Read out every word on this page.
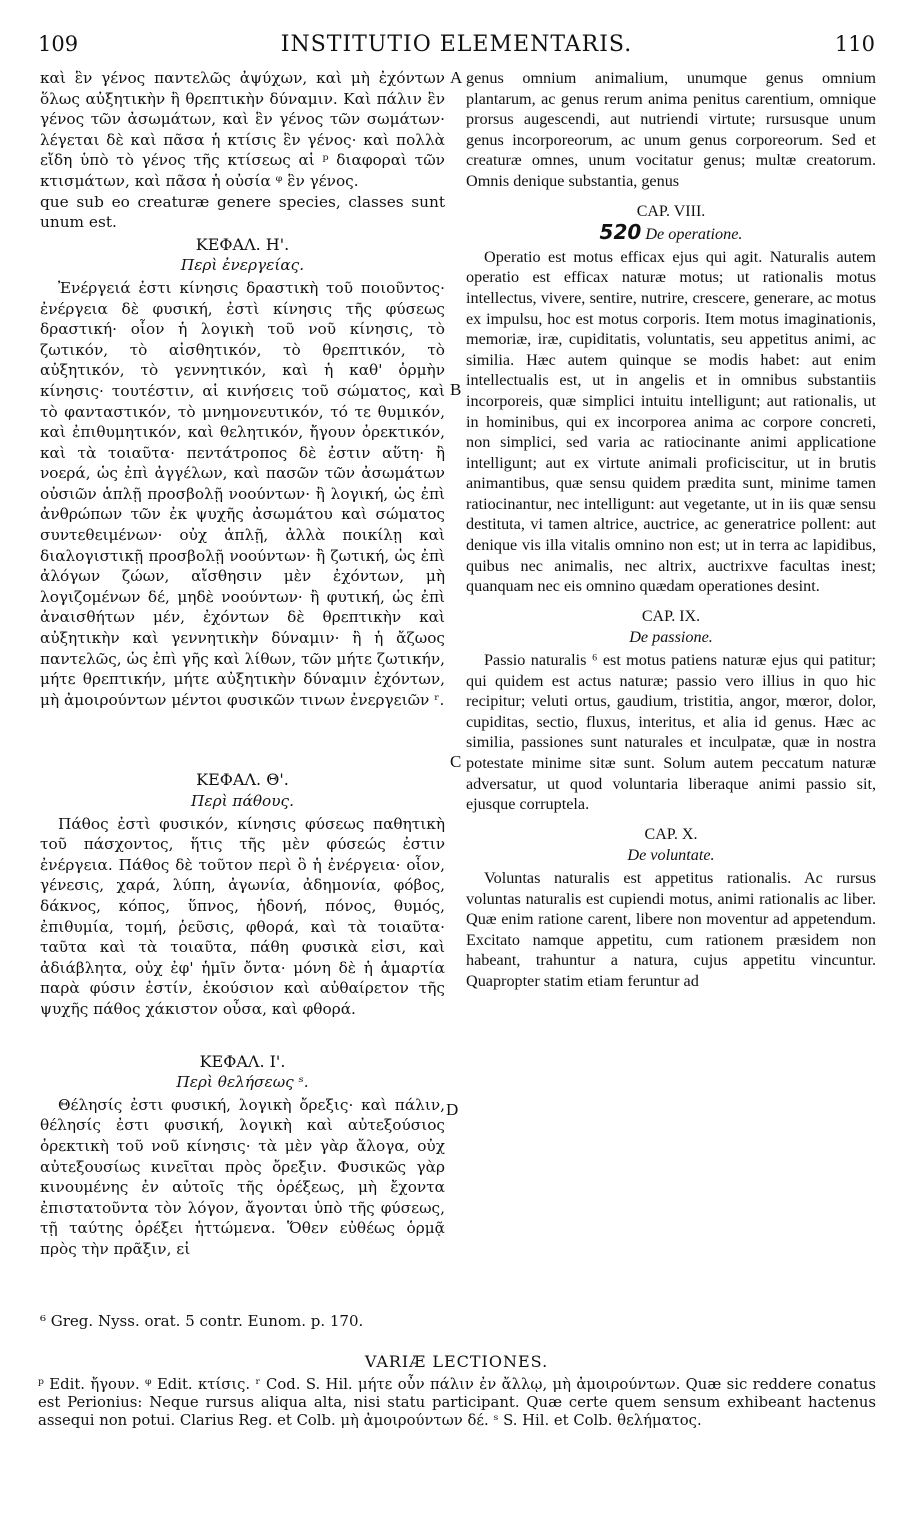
109	INSTITUTIO ELEMENTARIS.	110
A
B
C
D

καὶ ἓν γένος παντελῶς ἀψύχων, καὶ μὴ ἐχόντων ὅλως αὐξητικὴν ἢ θρεπτικὴν δύναμιν. Καὶ πάλιν ἓν γένος τῶν ἀσωμάτων, καὶ ἓν γένος τῶν σωμάτων· λέγεται δὲ καὶ πᾶσα ἡ κτίσις ἓν γένος· καὶ πολλὰ εἴδη ὑπὸ τὸ γένος τῆς κτίσεως αἱ ᵖ διαφοραὶ τῶν κτισμάτων, καὶ πᾶσα ἡ οὐσία ᵠ ἓν γένος.

que sub eo creaturæ genere species, classes sunt unum est.

ΚΕΦΑΛ. Η'.
Περὶ ἐνεργείας.

Ἐνέργειά ἐστι κίνησις δραστικὴ τοῦ ποιοῦντος· ἐνέργεια δὲ φυσική, ἐστὶ κίνησις τῆς φύσεως δραστική· οἷον ἡ λογικὴ τοῦ νοῦ κίνησις, τὸ ζωτικόν, τὸ αἰσθητικόν, τὸ θρεπτικόν, τὸ αὐξητικόν, τὸ γεννητικόν, καὶ ἡ καθ' ὁρμὴν κίνησις· τουτέστιν, αἱ κινήσεις τοῦ σώματος, καὶ τὸ φανταστικόν, τὸ μνημονευτικόν, τό τε θυμικόν, καὶ ἐπιθυμητικόν, καὶ θελητικόν, ἤγουν ὀρεκτικόν, καὶ τὰ τοιαῦτα· πεντάτροπος δὲ ἐστιν αὕτη· ἢ νοερά, ὡς ἐπὶ ἀγγέλων, καὶ πασῶν τῶν ἀσωμάτων οὐσιῶν ἁπλῇ προσβολῇ νοούντων· ἢ λογική, ὡς ἐπὶ ἀνθρώπων τῶν ἐκ ψυχῆς ἀσωμάτου καὶ σώματος συντεθειμένων· οὐχ ἁπλῇ, ἀλλὰ ποικίλῃ καὶ διαλογιστικῇ προσβολῇ νοούντων· ἢ ζωτική, ὡς ἐπὶ ἀλόγων ζώων, αἴσθησιν μὲν ἐχόντων, μὴ λογιζομένων δέ, μηδὲ νοούντων· ἢ φυτική, ὡς ἐπὶ ἀναισθήτων μέν, ἐχόντων δὲ θρεπτικὴν καὶ αὐξητικὴν καὶ γεννητικὴν δύναμιν· ἢ ἡ ἄζωος παντελῶς, ὡς ἐπὶ γῆς καὶ λίθων, τῶν μήτε ζωτικήν, μήτε θρεπτικήν, μήτε αὐξητικὴν δύναμιν ἐχόντων, μὴ ἀμοιρούντων μέντοι φυσικῶν τινων ἐνεργειῶν ʳ.

ΚΕΦΑΛ. Θ'.
Περὶ πάθους.

Πάθος ἐστὶ φυσικόν, κίνησις φύσεως παθητικὴ τοῦ πάσχοντος, ἥτις τῆς μὲν φύσεώς ἐστιν ἐνέργεια. Πάθος δὲ τοῦτον περὶ ὃ ἡ ἐνέργεια· οἷον, γένεσις, χαρά, λύπη, ἀγωνία, ἀδημονία, φόβος, δάκνος, κόπος, ὕπνος, ἡδονή, πόνος, θυμός, ἐπιθυμία, τομή, ῥεῦσις, φθορά, καὶ τὰ τοιαῦτα· ταῦτα καὶ τὰ τοιαῦτα, πάθη φυσικὰ εἰσι, καὶ ἀδιάβλητα, οὐχ ἐφ' ἡμῖν ὄντα· μόνη δὲ ἡ ἁμαρτία παρὰ φύσιν ἐστίν, ἑκούσιον καὶ αὐθαίρετον τῆς ψυχῆς πάθος χάκιστον οὖσα, καὶ φθορά.

ΚΕΦΑΛ. Ι'.
Περὶ θελήσεως ˢ.

Θέλησίς ἐστι φυσική, λογικὴ ὄρεξις· καὶ πάλιν, θέλησίς ἐστι φυσική, λογικὴ καὶ αὐτεξούσιος ὀρεκτικὴ τοῦ νοῦ κίνησις· τὰ μὲν γὰρ ἄλογα, οὐχ αὐτεξουσίως κινεῖται πρὸς ὄρεξιν. Φυσικῶς γὰρ κινουμένης ἐν αὐτοῖς τῆς ὀρέξεως, μὴ ἔχοντα ἐπιστατοῦντα τὸν λόγον, ἄγονται ὑπὸ τῆς φύσεως, τῇ ταύτης ὀρέξει ἡττώμενα. Ὅθεν εὐθέως ὁρμᾷ πρὸς τὴν πρᾶξιν, εἰ

genus omnium animalium, unumque genus omnium plantarum, ac genus rerum anima penitus carentium, omnique prorsus augescendi, aut nutriendi virtute; rursusque unum genus incorporeorum, ac unum genus corporeorum. Sed et creaturæ omnes, unum vocitatur genus; multæ creatorum. Omnis denique substantia, genus

CAP. VIII.
520 De operatione.

Operatio est motus efficax ejus qui agit. Naturalis autem operatio est efficax naturæ motus; ut rationalis motus intellectus, vivere, sentire, nutrire, crescere, generare, ac motus ex impulsu, hoc est motus corporis. Item motus imaginationis, memoriæ, iræ, cupiditatis, voluntatis, seu appetitus animi, ac similia. Hæc autem quinque se modis habet: aut enim intellectualis est, ut in angelis et in omnibus substantiis incorporeis, quæ simplici intuitu intelligunt; aut rationalis, ut in hominibus, qui ex incorporea anima ac corpore concreti, non simplici, sed varia ac ratiocinante animi applicatione intelligunt; aut ex virtute animali proficiscitur, ut in brutis animantibus, quæ sensu quidem prædita sunt, minime tamen ratiocinantur, nec intelligunt: aut vegetante, ut in iis quæ sensu destituta, vi tamen altrice, auctrice, ac generatrice pollent: aut denique vis illa vitalis omnino non est; ut in terra ac lapidibus, quibus nec animalis, nec altrix, auctrixve facultas inest; quanquam nec eis omnino quædam operationes desint.

CAP. IX.
De passione.

Passio naturalis ⁶ est motus patiens naturæ ejus qui patitur; qui quidem est actus naturæ; passio vero illius in quo hic recipitur; veluti ortus, gaudium, tristitia, angor, mœror, dolor, cupiditas, sectio, fluxus, interitus, et alia id genus. Hæc ac similia, passiones sunt naturales et inculpatæ, quæ in nostra potestate minime sitæ sunt. Solum autem peccatum naturæ adversatur, ut quod voluntaria liberaque animi passio sit, ejusque corruptela.

CAP. X.
De voluntate.

Voluntas naturalis est appetitus rationalis. Ac rursus voluntas naturalis est cupiendi motus, animi rationalis ac liber. Quæ enim ratione carent, libere non moventur ad appetendum. Excitato namque appetitu, cum rationem præsidem non habeant, trahuntur a natura, cujus appetitu vincuntur. Quapropter statim etiam feruntur ad

⁶ Greg. Nyss. orat. 5 contr. Eunom. p. 170.
VARIÆ LECTIONES.
ᵖ Edit. ἤγουν. ᵠ Edit. κτίσις. ʳ Cod. S. Hil. μήτε οὖν πάλιν ἐν ἄλλῳ, μὴ ἀμοιρούντων. Quæ sic reddere conatus est Perionius: Neque rursus aliqua alta, nisi statu participant. Quæ certe quem sensum exhibeant hactenus assequi non potui. Clarius Reg. et Colb. μὴ ἀμοιρούντων δέ. ˢ S. Hil. et Colb. θελήματος.
